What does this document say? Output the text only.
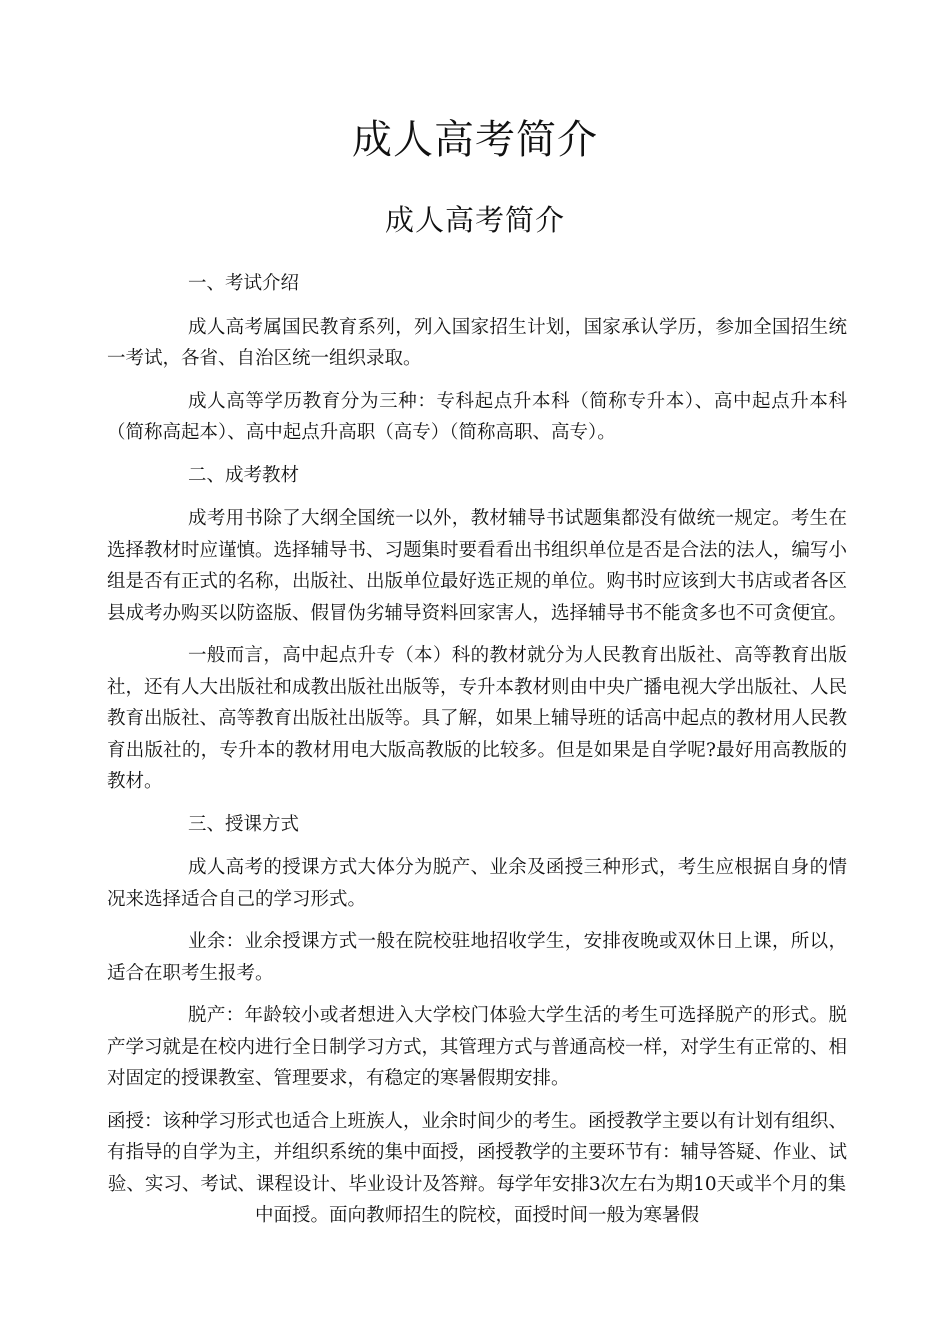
成人高考简介
成人高考简介

一、考试介绍

成人高考属国民教育系列，列入国家招生计划，国家承认学历，参加全国招生统一考试，各省、自治区统一组织录取。

成人高等学历教育分为三种：专科起点升本科（简称专升本）、高中起点升本科（简称高起本）、高中起点升高职（高专）（简称高职、高专）。

二、成考教材

成考用书除了大纲全国统一以外，教材辅导书试题集都没有做统一规定。考生在选择教材时应谨慎。选择辅导书、习题集时要看看出书组织单位是否是合法的法人，编写小组是否有正式的名称，出版社、出版单位最好选正规的单位。购书时应该到大书店或者各区县成考办购买以防盗版、假冒伪劣辅导资料回家害人，选择辅导书不能贪多也不可贪便宜。

一般而言，高中起点升专（本）科的教材就分为人民教育出版社、高等教育出版社，还有人大出版社和成教出版社出版等，专升本教材则由中央广播电视大学出版社、人民教育出版社、高等教育出版社出版等。具了解，如果上辅导班的话高中起点的教材用人民教育出版社的，专升本的教材用电大版高教版的比较多。但是如果是自学呢?最好用高教版的教材。

三、授课方式

成人高考的授课方式大体分为脱产、业余及函授三种形式，考生应根据自身的情况来选择适合自己的学习形式。

业余：业余授课方式一般在院校驻地招收学生，安排夜晚或双休日上课，所以，适合在职考生报考。

脱产：年龄较小或者想进入大学校门体验大学生活的考生可选择脱产的形式。脱产学习就是在校内进行全日制学习方式，其管理方式与普通高校一样，对学生有正常的、相对固定的授课教室、管理要求，有稳定的寒暑假期安排。

函授：该种学习形式也适合上班族人，业余时间少的考生。函授教学主要以有计划有组织、有指导的自学为主，并组织系统的集中面授，函授教学的主要环节有：辅导答疑、作业、试验、实习、考试、课程设计、毕业设计及答辩。每学年安排3次左右为期10天或半个月的集中面授。面向教师招生的院校，面授时间一般为寒暑假
